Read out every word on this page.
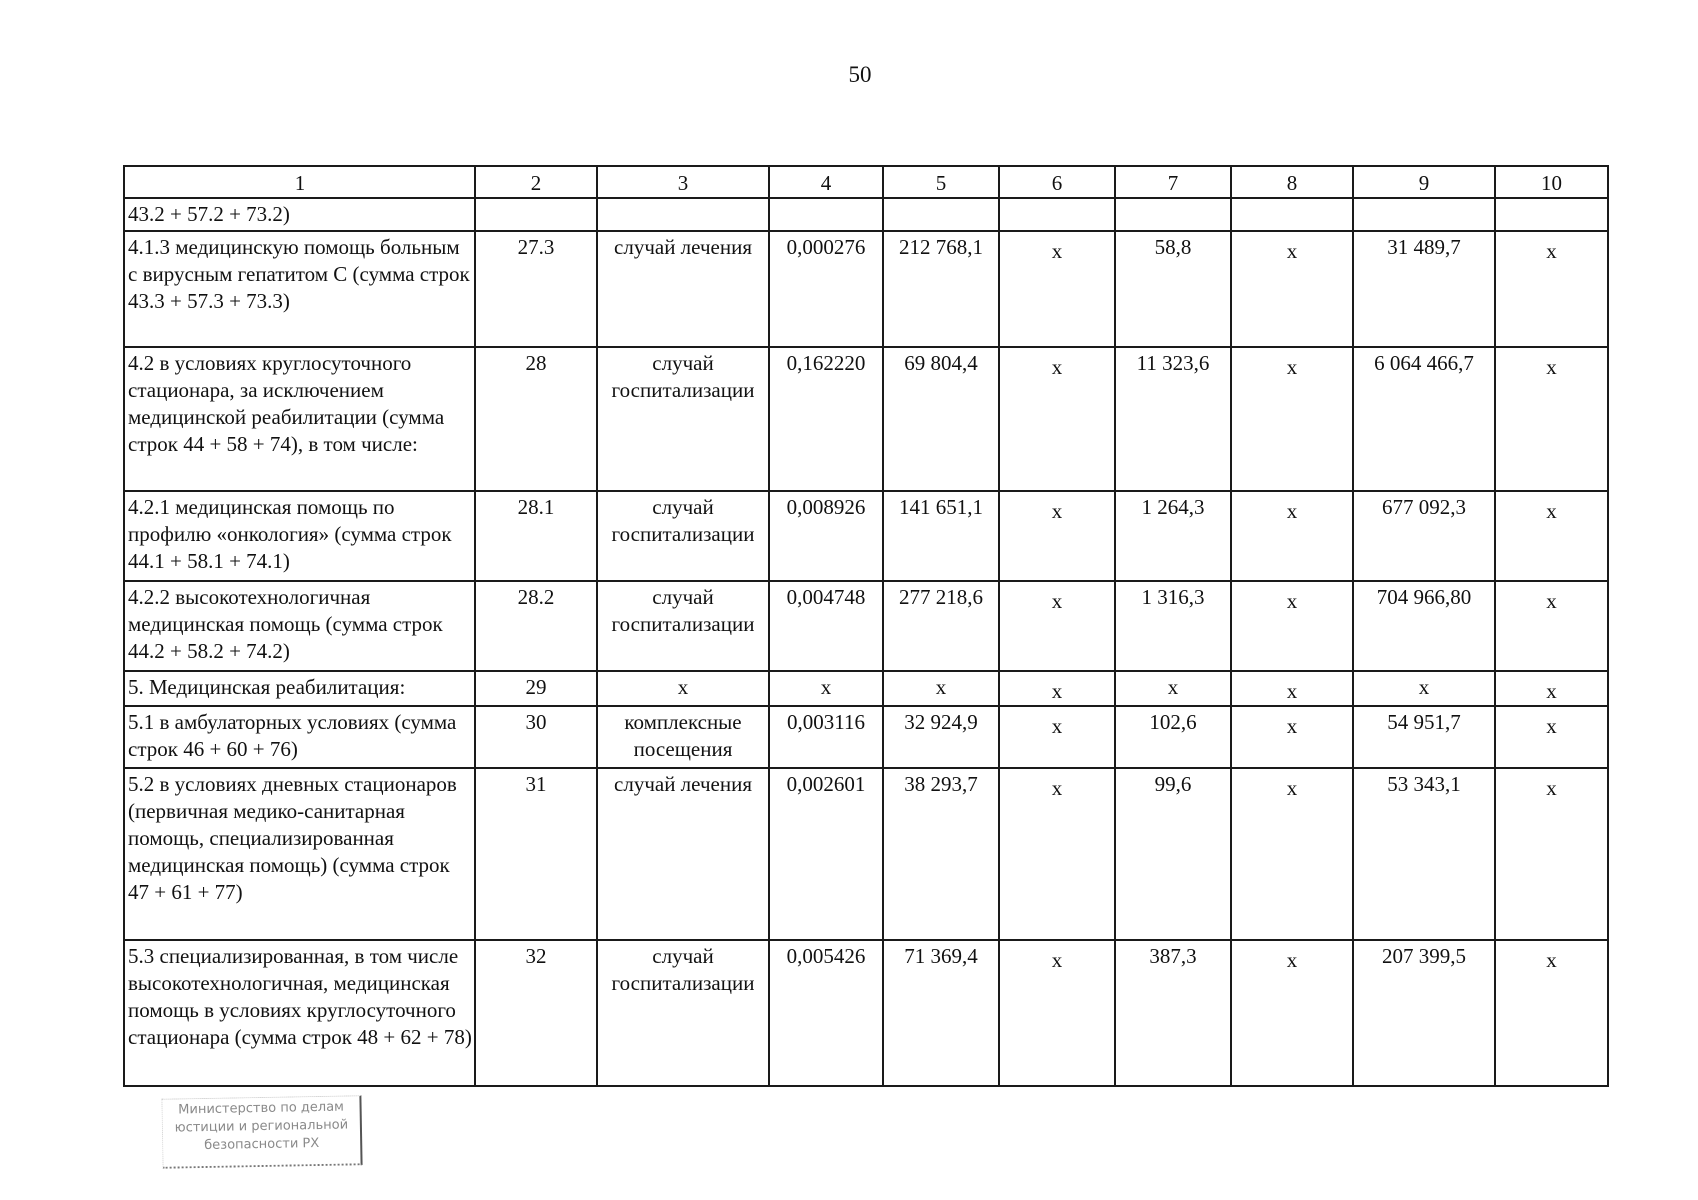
50
1	2	3	4	5	6	7	8	9	10
43.2 + 57.2 + 73.2)									
4.1.3 медицинскую помощь больным с вирусным гепатитом С (сумма строк 43.3 + 57.3 + 73.3)	27.3	случай лечения	0,000276	212 768,1	х	58,8	х	31 489,7	х
4.2 в условиях круглосуточного стационара, за исключением медицинской реабилитации (сумма строк 44 + 58 + 74), в том числе:	28	случай госпитализации	0,162220	69 804,4	х	11 323,6	х	6 064 466,7	х
4.2.1 медицинская помощь по профилю «онкология» (сумма строк 44.1 + 58.1 + 74.1)	28.1	случай госпитализации	0,008926	141 651,1	х	1 264,3	х	677 092,3	х
4.2.2 высокотехнологичная медицинская помощь (сумма строк 44.2 + 58.2 + 74.2)	28.2	случай госпитализации	0,004748	277 218,6	х	1 316,3	х	704 966,80	х
5. Медицинская реабилитация:	29	х	х	х	х	х	х	х	х
5.1 в амбулаторных условиях (сумма строк 46 + 60 + 76)	30	комплексные посещения	0,003116	32 924,9	х	102,6	х	54 951,7	х
5.2 в условиях дневных стационаров (первичная медико-санитарная помощь, специализированная медицинская помощь) (сумма строк 47 + 61 + 77)	31	случай лечения	0,002601	38 293,7	х	99,6	х	53 343,1	х
5.3 специализированная, в том числе высокотехнологичная, медицинская помощь в условиях круглосуточного стационара (сумма строк 48 + 62 + 78)	32	случай госпитализации	0,005426	71 369,4	х	387,3	х	207 399,5	х
Министерство по делам
юстиции и региональной
безопасности РХ
